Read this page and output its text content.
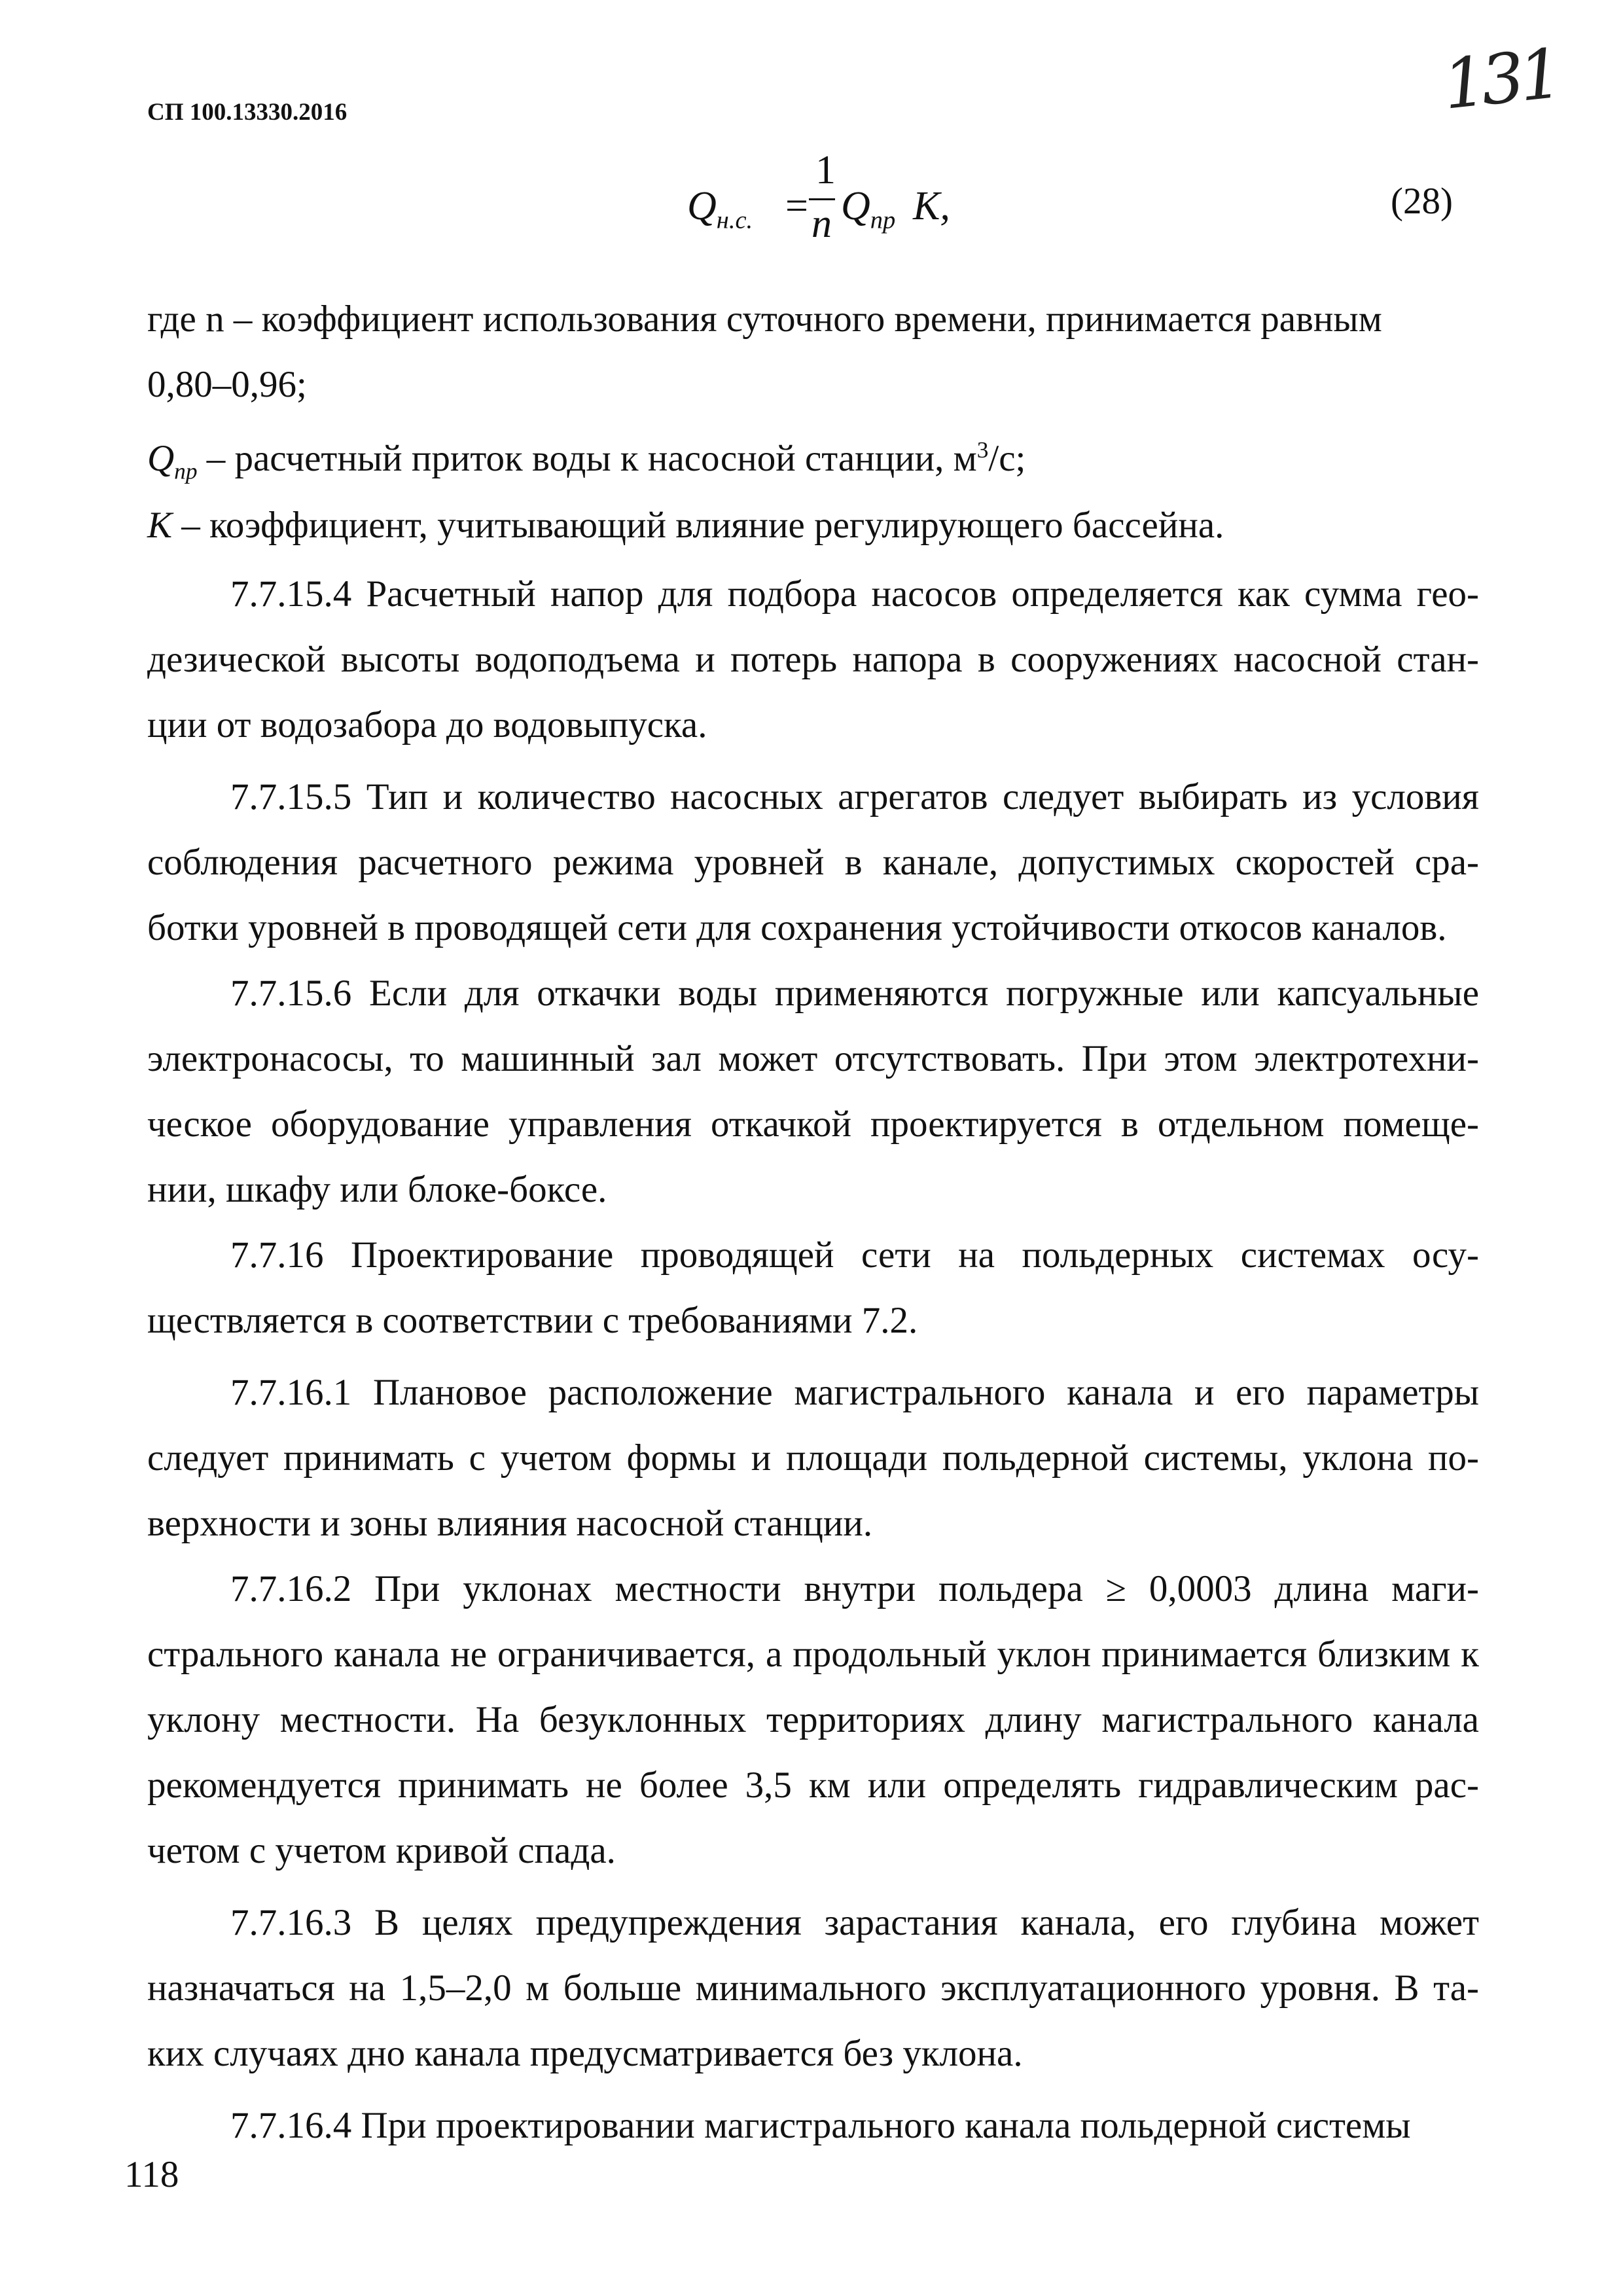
СП 100.13330.2016	131
$Q_{н.с.}$ =
1
n $Q_{пр}$ K,	(28)
где n – коэффициент использования суточного времени, принимается равным
0,80–0,96;
$Q_{пр}$ – расчетный приток воды к насосной станции, $м^3/с$;
K – коэффициент, учитывающий влияние регулирующего бассейна.
7.7.15.4 Расчетный напор для подбора насосов определяется как сумма гео-дезической высоты водоподъема и потерь напора в сооружениях насосной стан-ции от водозабора до водовыпуска.
7.7.15.5 Тип и количество насосных агрегатов следует выбирать из условия соблюдения расчетного режима уровней в канале, допустимых скоростей сра-ботки уровней в проводящей сети для сохранения устойчивости откосов каналов.
7.7.15.6 Если для откачки воды применяются погружные или капсуальные электронасосы, то машинный зал может отсутствовать. При этом электротехни-ческое оборудование управления откачкой проектируется в отдельном помеще-нии, шкафу или блоке-боксе.
7.7.16 Проектирование проводящей сети на польдерных системах осу-ществляется в соответствии с требованиями 7.2.
7.7.16.1 Плановое расположение магистрального канала и его параметры следует принимать с учетом формы и площади польдерной системы, уклона по-верхности и зоны влияния насосной станции.
7.7.16.2 При уклонах местности внутри польдера ≥ 0,0003 длина маги-стрального канала не ограничивается, а продольный уклон принимается близким к уклону местности. На безуклонных территориях длину магистрального канала рекомендуется принимать не более 3,5 км или определять гидравлическим рас-четом с учетом кривой спада.
7.7.16.3 В целях предупреждения зарастания канала, его глубина может назначаться на 1,5–2,0 м больше минимального эксплуатационного уровня. В та-ких случаях дно канала предусматривается без уклона.
7.7.16.4 При проектировании магистрального канала польдерной системы
118
